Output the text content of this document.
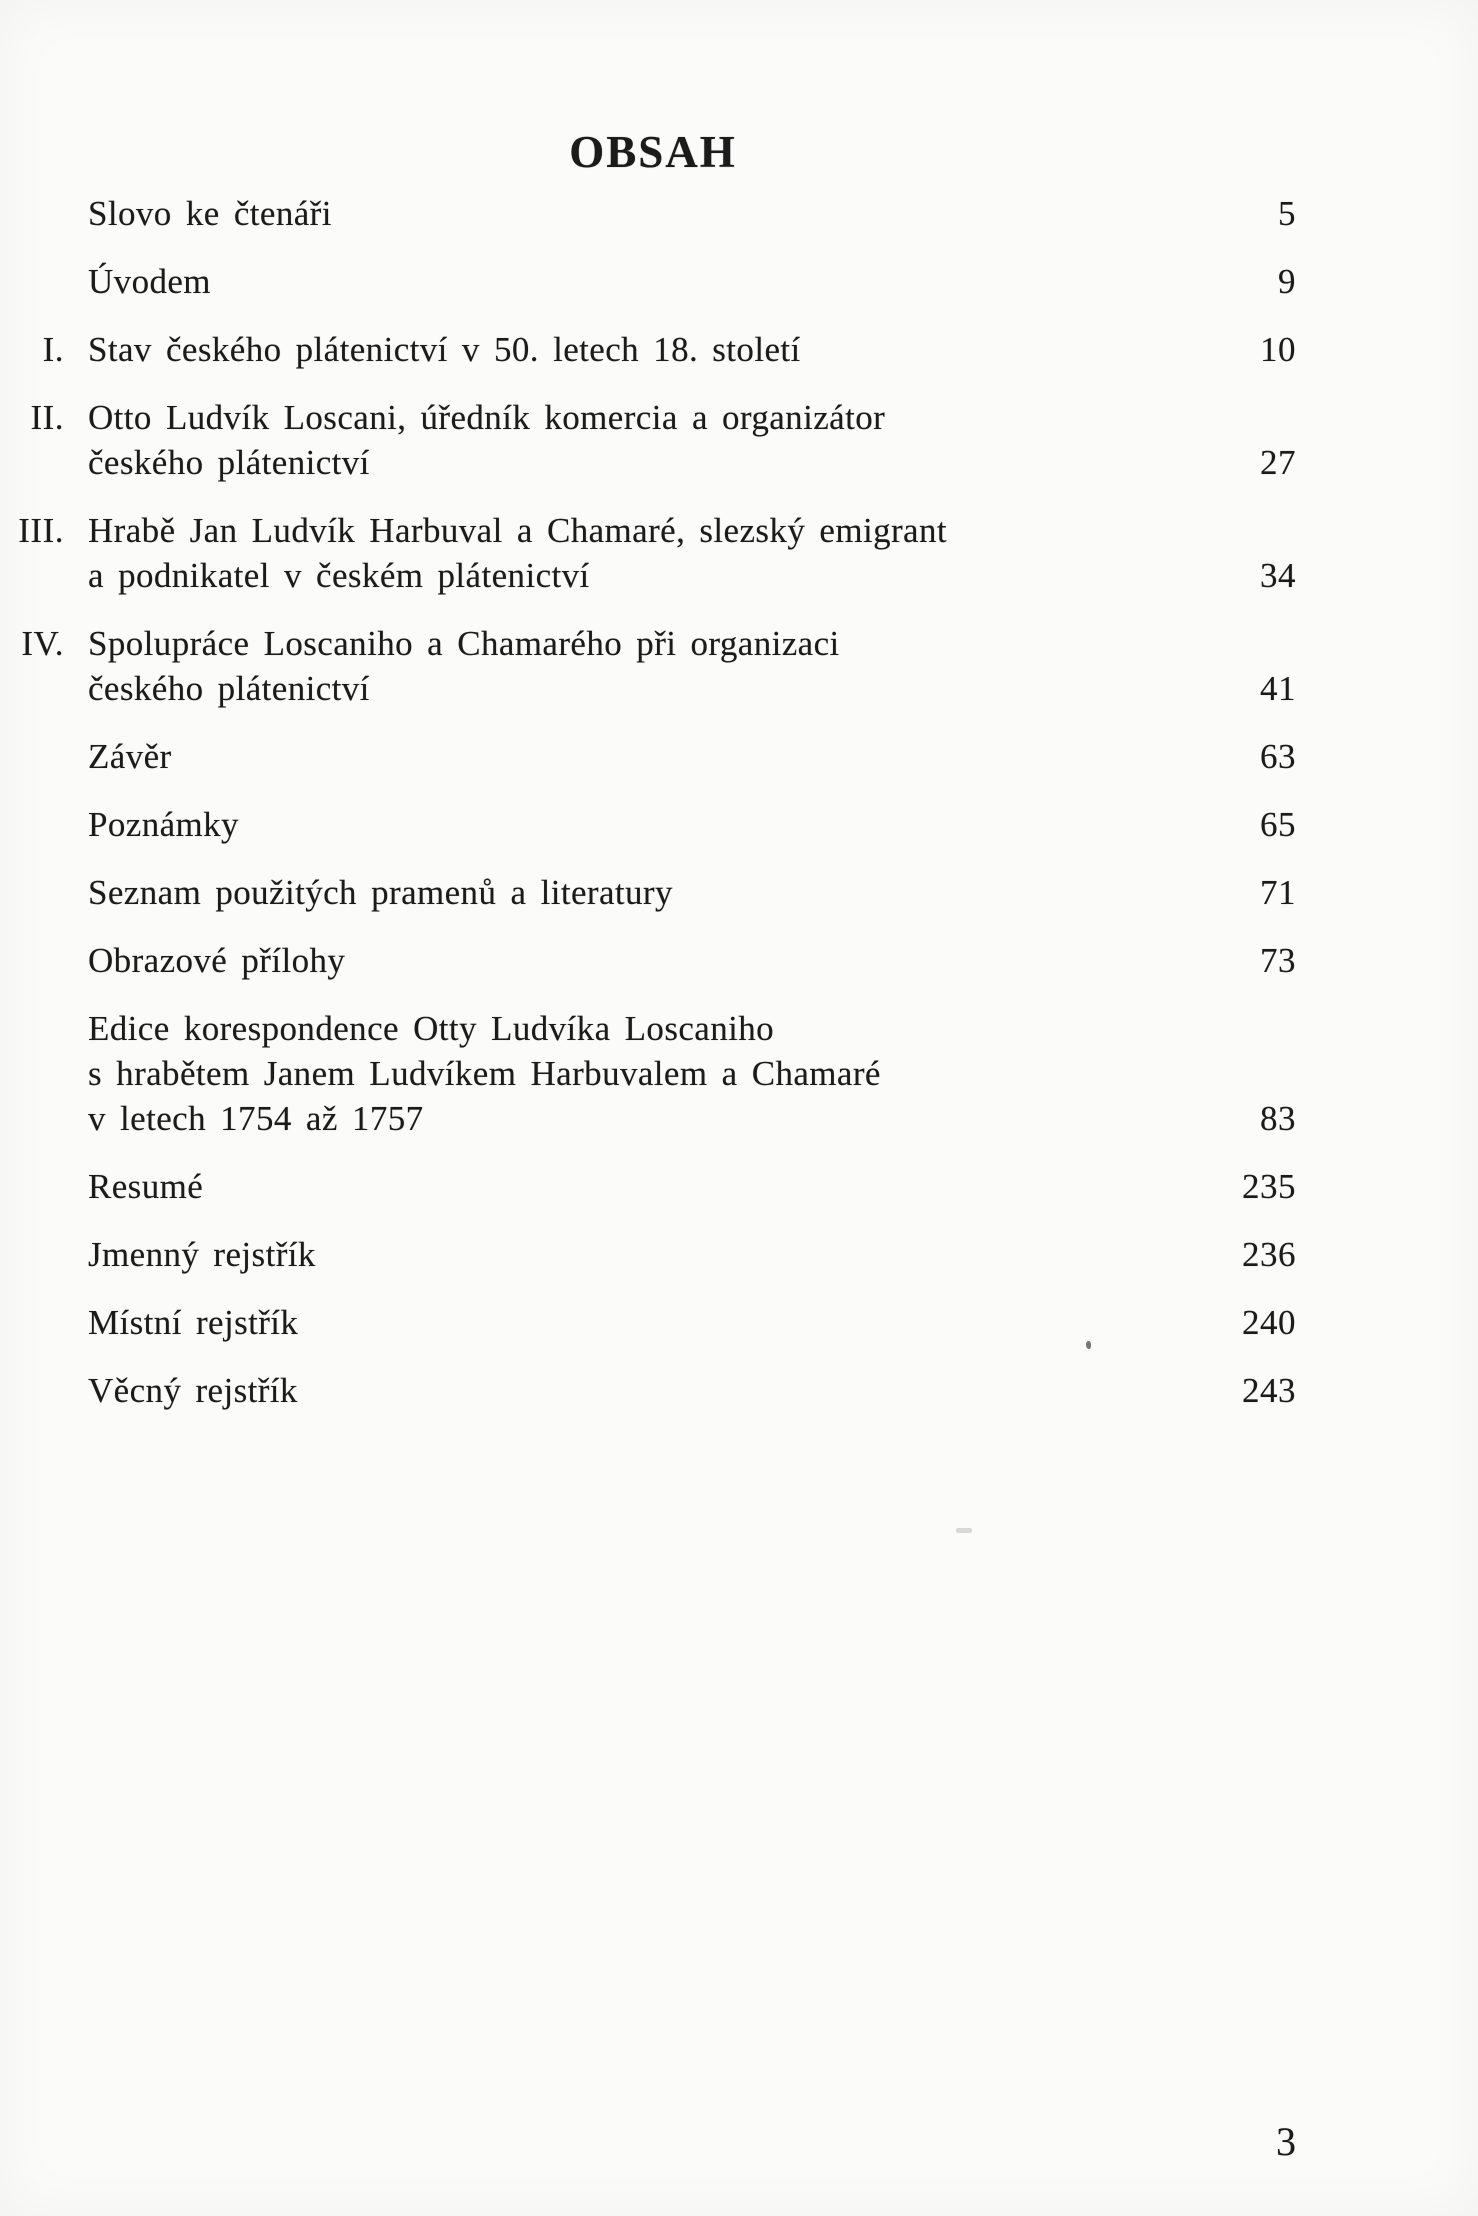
OBSAH
Slovo ke čtenáři	5
Úvodem	9
I. Stav českého plátenictví v 50. letech 18. století	10
II. Otto Ludvík Loscani, úředník komercia a organizátor
českého plátenictví	27
III. Hrabě Jan Ludvík Harbuval a Chamaré, slezský emigrant
a podnikatel v českém plátenictví	34
IV. Spolupráce Loscaniho a Chamarého při organizaci
českého plátenictví	41
Závěr	63
Poznámky	65
Seznam použitých pramenů a literatury	71
Obrazové přílohy	73
Edice korespondence Otty Ludvíka Loscaniho
s hrabětem Janem Ludvíkem Harbuvalem a Chamaré
v letech 1754 až 1757	83
Resumé	235
Jmenný rejstřík	236
Místní rejstřík	240
Věcný rejstřík	243
3
